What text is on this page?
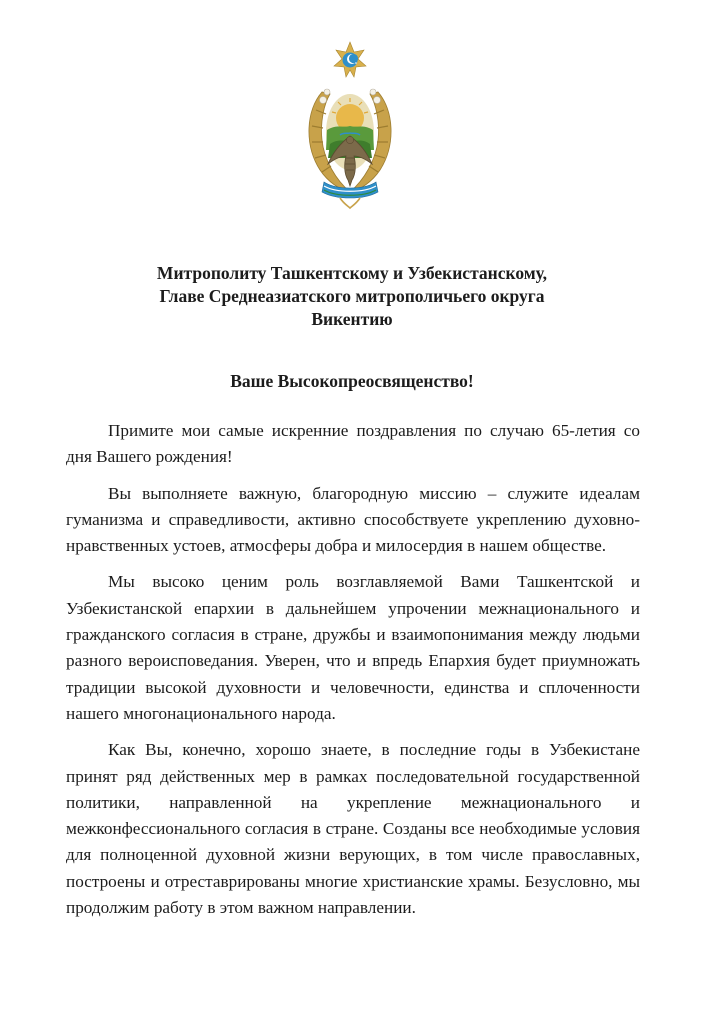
Митрополиту Ташкентскому и Узбекистанскому,
Главе Среднеазиатского митрополичьего округа
Викентию
Ваше Высокопреосвященство!

Примите мои самые искренние поздравления по случаю 65-летия со дня Вашего рождения!

Вы выполняете важную, благородную миссию – служите идеалам гуманизма и справедливости, активно способствуете укреплению духовно-нравственных устоев, атмосферы добра и милосердия в нашем обществе.

Мы высоко ценим роль возглавляемой Вами Ташкентской и Узбекистанской епархии в дальнейшем упрочении межнационального и гражданского согласия в стране, дружбы и взаимопонимания между людьми разного вероисповедания. Уверен, что и впредь Епархия будет приумножать традиции высокой духовности и человечности, единства и сплоченности нашего многонационального народа.

Как Вы, конечно, хорошо знаете, в последние годы в Узбекистане принят ряд действенных мер в рамках последовательной государственной политики, направленной на укрепление межнационального и межконфессионального согласия в стране. Созданы все необходимые условия для полноценной духовной жизни верующих, в том числе православных, построены и отреставрированы многие христианские храмы. Безусловно, мы продолжим работу в этом важном направлении.
